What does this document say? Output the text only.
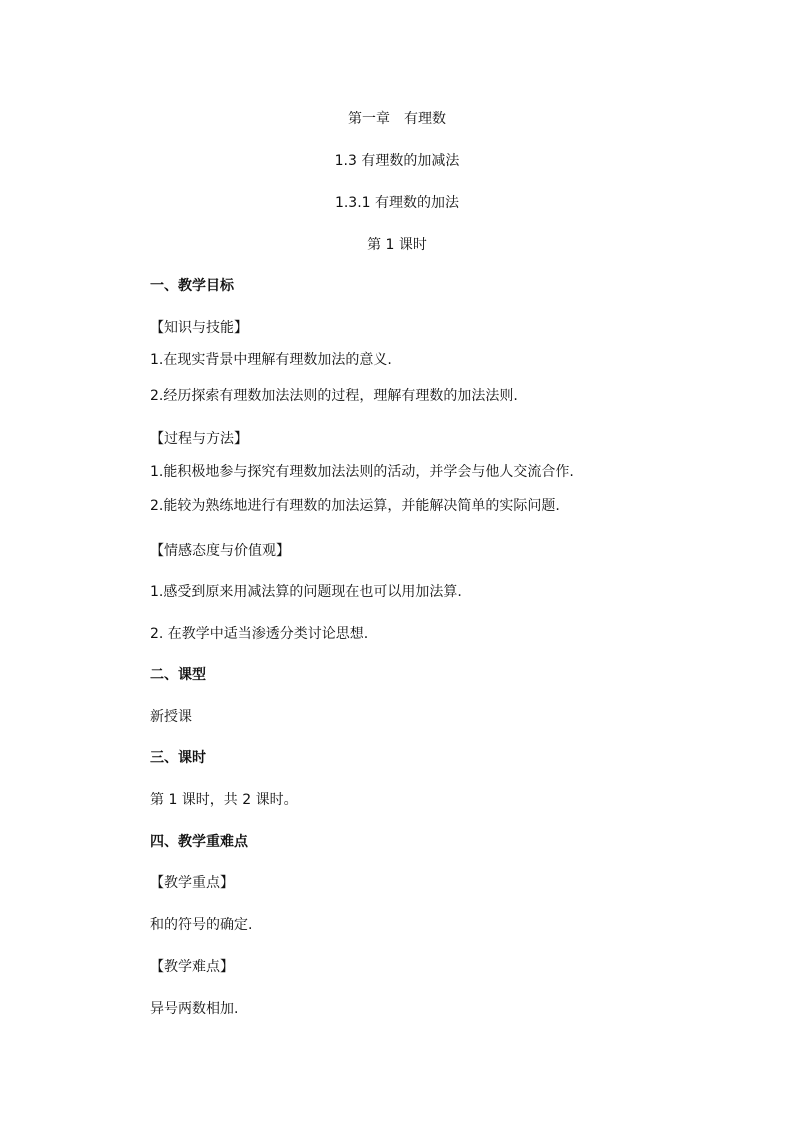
第一章　有理数
1.3 有理数的加减法
1.3.1 有理数的加法
第 1 课时
一、教学目标
【知识与技能】
1.在现实背景中理解有理数加法的意义.
2.经历探索有理数加法法则的过程，理解有理数的加法法则.
【过程与方法】
1.能积极地参与探究有理数加法法则的活动，并学会与他人交流合作.
2.能较为熟练地进行有理数的加法运算，并能解决简单的实际问题.
【情感态度与价值观】
1.感受到原来用减法算的问题现在也可以用加法算.
2. 在教学中适当渗透分类讨论思想.
二、课型
新授课
三、课时
第 1 课时，共 2 课时。
四、教学重难点
【教学重点】
和的符号的确定.
【教学难点】
异号两数相加.
